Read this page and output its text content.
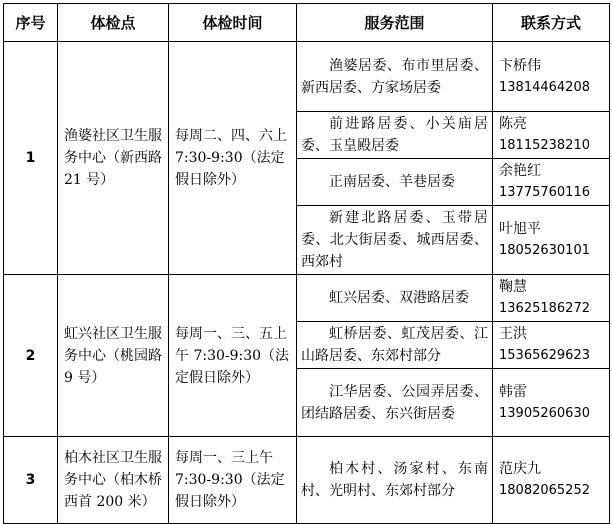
序号	体检点	体检时间	服务范围	联系方式
1	渔婆社区卫生服务中心（新西路 21 号）	每周二、四、六上 7:30-9:30（法定假日除外）	渔婆居委、布市里居委、新西居委、方家场居委	卞桥伟
13814464208

			前进路居委、小关庙居委、玉皇殿居委	陈亮
18115238210

			正南居委、羊巷居委	余艳红
13775760116

			新建北路居委、玉带居委、北大街居委、城西居委、西郊村	叶旭平
18052630101

2	虹兴社区卫生服务中心（桃园路 9 号）	每周一、三、五上午 7:30-9:30（法定假日除外）	虹兴居委、双港路居委	鞠慧
13625186272

			虹桥居委、虹茂居委、江山路居委、东郊村部分	王洪
15365629623

			江华居委、公园弄居委、团结路居委、东兴街居委	韩雷
13905260630

3	柏木社区卫生服务中心（柏木桥西首 200 米）	每周一、三上午 7:30-9:30（法定假日除外）	柏木村、汤家村、东南村、光明村、东郊村部分	范庆九
18082065252
